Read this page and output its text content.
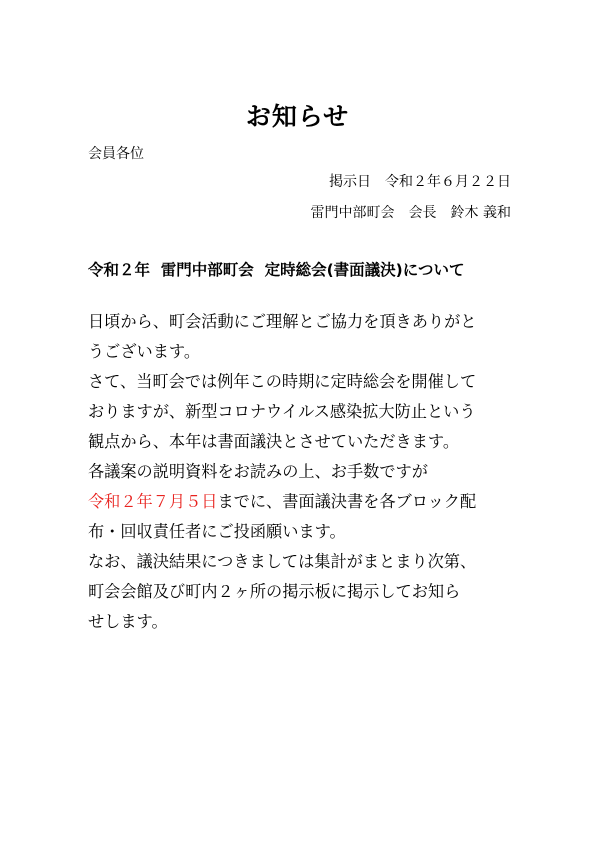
お知らせ
会員各位
掲示日　令和２年６月２２日
雷門中部町会　会長　鈴木 義和
令和２年  雷門中部町会  定時総会(書面議決)について
日頃から、町会活動にご理解とご協力を頂きありがと
うございます。
さて、当町会では例年この時期に定時総会を開催して
おりますが、新型コロナウイルス感染拡大防止という
観点から、本年は書面議決とさせていただきます。
各議案の説明資料をお読みの上、お手数ですが
令和２年７月５日までに、書面議決書を各ブロック配
布・回収責任者にご投函願います。
なお、議決結果につきましては集計がまとまり次第、
町会会館及び町内２ヶ所の掲示板に掲示してお知ら
せします。
